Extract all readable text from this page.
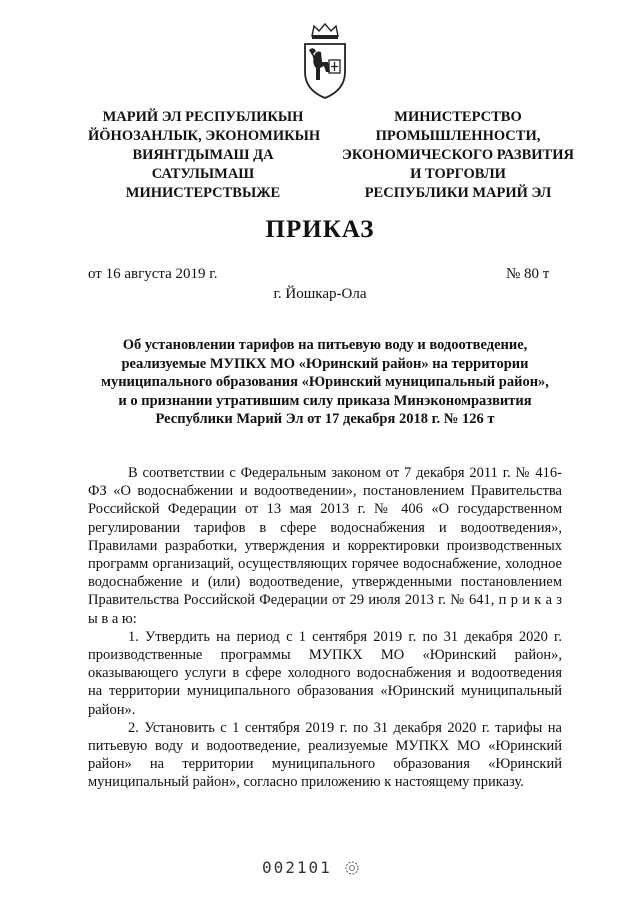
МАРИЙ ЭЛ РЕСПУБЛИКЫН
ЙӦНОЗАНЛЫК, ЭКОНОМИКЫН
ВИЯҤГДЫМАШ ДА
САТУЛЫМАШ
МИНИСТЕРСТВЫЖЕ
МИНИСТЕРСТВО
ПРОМЫШЛЕННОСТИ,
ЭКОНОМИЧЕСКОГО РАЗВИТИЯ
И ТОРГОВЛИ
РЕСПУБЛИКИ МАРИЙ ЭЛ
ПРИКАЗ
от 16 августа 2019 г.	№ 80 т
г. Йошкар-Ола
Об установлении тарифов на питьевую воду и водоотведение,
реализуемые МУПКХ МО «Юринский район» на территории
муниципального образования «Юринский муниципальный район»,
и о признании утратившим силу приказа Минэкономразвития
Республики Марий Эл от 17 декабря 2018 г. № 126 т

В соответствии с Федеральным законом от 7 декабря 2011 г. № 416-ФЗ «О водоснабжении и водоотведении», постановлением Правительства Российской Федерации от 13 мая 2013 г. № 406 «О государственном регулировании тарифов в сфере водоснабжения и водоотведения», Правилами разработки, утверждения и корректировки производственных программ организаций, осуществляющих горячее водоснабжение, холодное водоснабжение и (или) водоотведение, утвержденными постановлением Правительства Российской Федерации от 29 июля 2013 г. № 641, п р и к а з ы в а ю:

1. Утвердить на период с 1 сентября 2019 г. по 31 декабря 2020 г. производственные программы МУПКХ МО «Юринский район», оказывающего услуги в сфере холодного водоснабжения и водоотведения на территории муниципального образования «Юринский муниципальный район».

2. Установить с 1 сентября 2019 г. по 31 декабря 2020 г. тарифы на питьевую воду и водоотведение, реализуемые МУПКХ МО «Юринский район» на территории муниципального образования «Юринский муниципальный район», согласно приложению к настоящему приказу.

002101
